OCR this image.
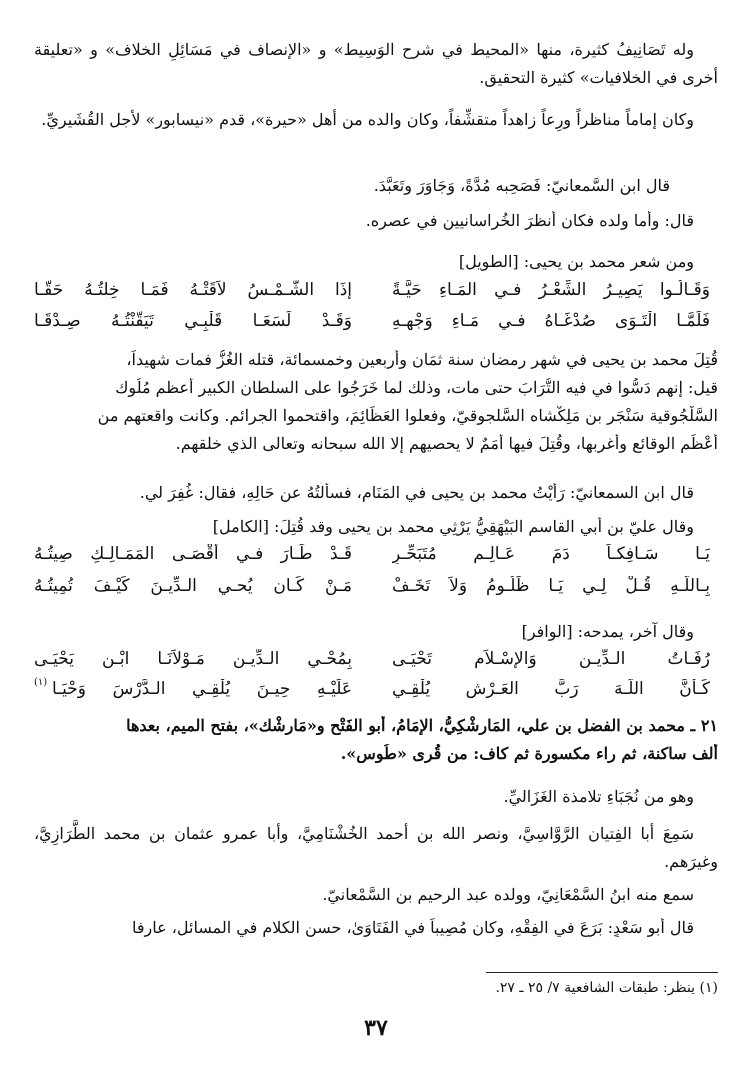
وله تَصَانِيفُ كثيرة، منها «المحيط في شرح الوَسِيط» و «الإنصاف في مَسَائِلِ الخلاف» و «تعليقة أخرى في الخلافيات» كثيرة التحقيق.

وكان إماماً مناظراً ورِعاً زاهداً متقشِّفاً، وكان والده من أهل «حيرة»، قدم «نيسابور» لأجل القُشَيريِّ.

قال ابن السَّمعانيّ: فَصَحِبه مُدَّةً، وَجَاوَرَ وتَعَبَّدَ.
قال: وأما ولده فكان أنظرَ الخُراسانيين في عصره.
ومن شعر محمد بن يحيى: [الطويل]
وَقَـالُـوا يَصِيـرُ الشِّعْـرُ فـي المَـاءِ حَيَّـةً
إذَا الشَّـمْـسُ لاَقَتْـهُ فَمَـا خِلتُـهُ حَقَّـا
فَلَمَّـا الْتَـوَى صُدْغَـاهُ فـي مَـاءِ وَجْهِـهِ
وَقَـدْ لَسَعَـا قَلْبِـي تَيَقَّنْتُـهُ صِـدْقَـا
قُتِلَ محمد بن يحيى في شهر رمضان سنة ثمَان وأربعين وخمسمائة، قتله الغُزُّ فمات شهيداً،
قيل: إنهم دَسُّوا في فيه التُّرَابَ حتى مات، وذلك لما خَرَجُوا على السلطان الكبير أعظم مُلُوك
السَّلْجُوقية سَنْجَر بن مَلِكْشاه السَّلجوقيّ، وفعلوا العَظَائِمَ، واقتحموا الجرائم. وكانت واقعتهم من
أعْظَم الوقائع وأغربها، وقُتِلَ فيها أُمَمٌ لا يحصيهم إلا الله سبحانه وتعالى الذي خلقهم.
قال ابن السمعانيّ: رَأَيْتُ محمد بن يحيى في المَنَامِ، فسألتُهُ عن حَالِهِ، فقال: غُفِرَ لي.
وقال عليّ بن أبي القاسم البَيْهَقِيُّ يَرْثِي محمد بن يحيى وقد قُتِلَ: [الكامل]
يَـا سَـافِكـاً دَمَ عَـالِـمٍ مُتَبَحِّـرٍ
قَـدْ طَـارَ فـي أقْصَـى المَمَـالِـكِ صِيتُـهُ
بِـاللَّـهِ قُـلْ لِـي يَـا ظَلُـومُ وَلاَ تَخَـفْ
مَـنْ كَـان يُحـي الـدِّيـنَ كَيْـفَ تُمِيتُـهُ
وقال آخر، يمدحه: [الوافر]
رُفَـاتُ الـدِّيـنِ وَالإِسْـلاَمِ تَحْيَـى
بِمُحْـيِ الـدِّيـنِ مَـوْلاَنَـا ابْـنِ يَحْيَـى
كَـأَنَّ اللَّـهَ رَبَّ العَـرْشِ يُلْقِـي
عَلَيْـهِ حِيـنَ يُلْقِـي الـدَّرْسَ وَحْيَـا
(١)
٢١ ـ محمد بن الفضل بن علي، المَارِشْكِيُّ، الإمَامُ، أبو الفَتْحِ و«مَارِشْك»، بفتح الميم، بعدها
ألف ساكنة، ثم راء مكسورة ثم كاف: من قُرى «طُوس».
وهو من نُجَبَاءِ تلامذة الغَزَاليِّ.

سَمِعَ أبا الفِتيان الرَّوَّاسِيَّ، ونصر الله بن أحمد الخُشْنَامِيَّ، وأبا عمرو عثمان بن محمد الطَّرَازِيَّ، وغيرَهم.

سمع منه ابنُ السَّمْعَانِيّ، وولده عبد الرحيم بن السَّمْعانيّ.
قال أبو سَعْدٍ: بَرَعَ في الفِقْهِ، وكان مُصِيباً في الفَتَاوَىٰ، حسن الكلام في المسائل، عارفا
(١) ينظر: طبقات الشافعية ٧/ ٢٥ ـ ٢٧.
٣٧
